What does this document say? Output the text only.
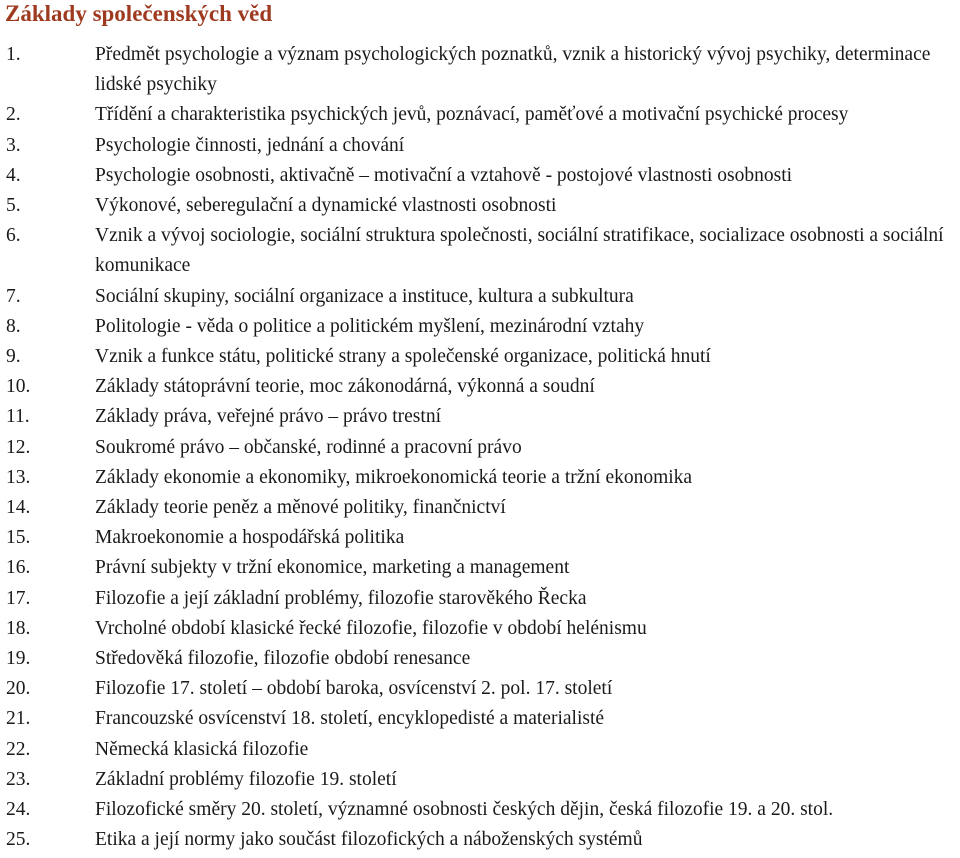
Základy společenských věd
1.	Předmět psychologie a význam psychologických poznatků, vznik a historický vývoj psychiky, determinace lidské psychiky
2.	Třídění a charakteristika psychických jevů, poznávací, paměťové a motivační psychické procesy
3.	Psychologie činnosti, jednání a chování
4.	Psychologie osobnosti, aktivačně – motivační a vztahově - postojové vlastnosti osobnosti
5.	Výkonové, seberegulační a dynamické vlastnosti osobnosti
6.	Vznik a vývoj sociologie, sociální struktura společnosti, sociální stratifikace, socializace osobnosti a sociální komunikace
7.	Sociální skupiny, sociální organizace a instituce, kultura a subkultura
8.	Politologie - věda o politice a politickém myšlení, mezinárodní vztahy
9.	Vznik a funkce státu, politické strany a společenské organizace, politická hnutí
10.	Základy státoprávní teorie, moc zákonodárná, výkonná a soudní
11.	Základy práva, veřejné právo – právo trestní
12.	Soukromé právo – občanské, rodinné a pracovní právo
13.	Základy ekonomie a ekonomiky, mikroekonomická teorie a tržní ekonomika
14.	Základy teorie peněz a měnové politiky, finančnictví
15.	Makroekonomie a hospodářská politika
16.	Právní subjekty v tržní ekonomice, marketing a management
17.	Filozofie a její základní problémy, filozofie starověkého Řecka
18.	Vrcholné období klasické řecké filozofie, filozofie v období helénismu
19.	Středověká filozofie, filozofie období renesance
20.	Filozofie 17. století – období baroka, osvícenství 2. pol. 17. století
21.	Francouzské osvícenství 18. století, encyklopedisté a materialisté
22.	Německá klasická filozofie
23.	Základní problémy filozofie 19. století
24.	Filozofické směry 20. století, významné osobnosti českých dějin, česká filozofie 19. a 20. stol.
25.	Etika a její normy jako součást filozofických a náboženských systémů
